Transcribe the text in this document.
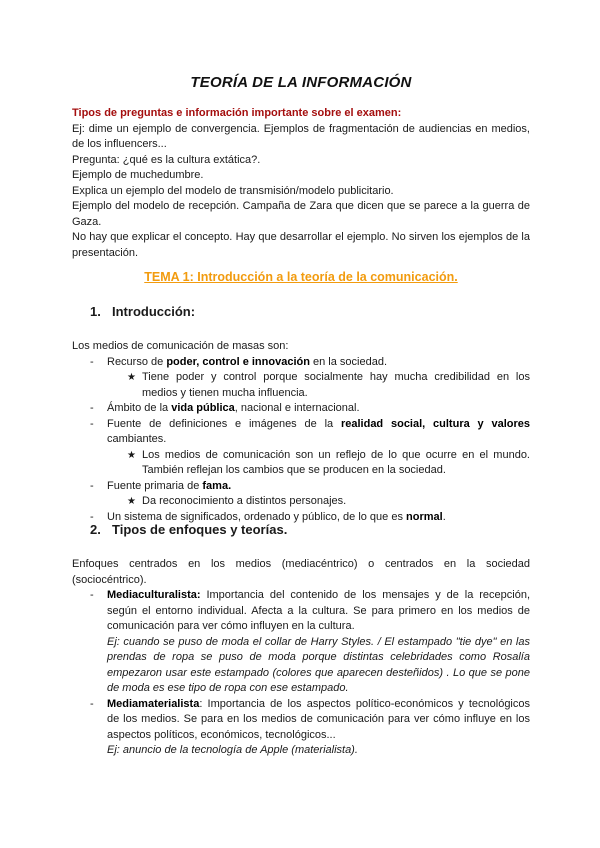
TEORÍA DE LA INFORMACIÓN

Tipos de preguntas e información importante sobre el examen:

Ej: dime un ejemplo de convergencia. Ejemplos de fragmentación de audiencias en medios, de los influencers...

Pregunta: ¿qué es la cultura extática?.

Ejemplo de muchedumbre.

Explica un ejemplo del modelo de transmisión/modelo publicitario.

Ejemplo del modelo de recepción. Campaña de Zara que dicen que se parece a la guerra de Gaza.

No hay que explicar el concepto. Hay que desarrollar el ejemplo. No sirven los ejemplos de la presentación.

TEMA 1: Introducción a la teoría de la comunicación.
1. Introducción:

Los medios de comunicación de masas son:

- Recurso de poder, control e innovación en la sociedad.
★ Tiene poder y control porque socialmente hay mucha credibilidad en los medios y tienen mucha influencia.
- Ámbito de la vida pública, nacional e internacional.
- Fuente de definiciones e imágenes de la realidad social, cultura y valores cambiantes.
★ Los medios de comunicación son un reflejo de lo que ocurre en el mundo. También reflejan los cambios que se producen en la sociedad.
- Fuente primaria de fama.
★ Da reconocimiento a distintos personajes.
- Un sistema de significados, ordenado y público, de lo que es normal.
2. Tipos de enfoques y teorías.

Enfoques centrados en los medios (mediacéntrico) o centrados en la sociedad (sociocéntrico).

- Mediaculturalista: Importancia del contenido de los mensajes y de la recepción, según el entorno individual. Afecta a la cultura. Se para primero en los medios de comunicación para ver cómo influyen en la cultura.
Ej: cuando se puso de moda el collar de Harry Styles. / El estampado "tie dye" en las prendas de ropa se puso de moda porque distintas celebridades como Rosalía empezaron usar este estampado (colores que aparecen desteñidos) . Lo que se pone de moda es ese tipo de ropa con ese estampado.
- Mediamaterialista: Importancia de los aspectos político-económicos y tecnológicos de los medios. Se para en los medios de comunicación para ver cómo influye en los aspectos políticos, económicos, tecnológicos...
Ej: anuncio de la tecnología de Apple (materialista).
